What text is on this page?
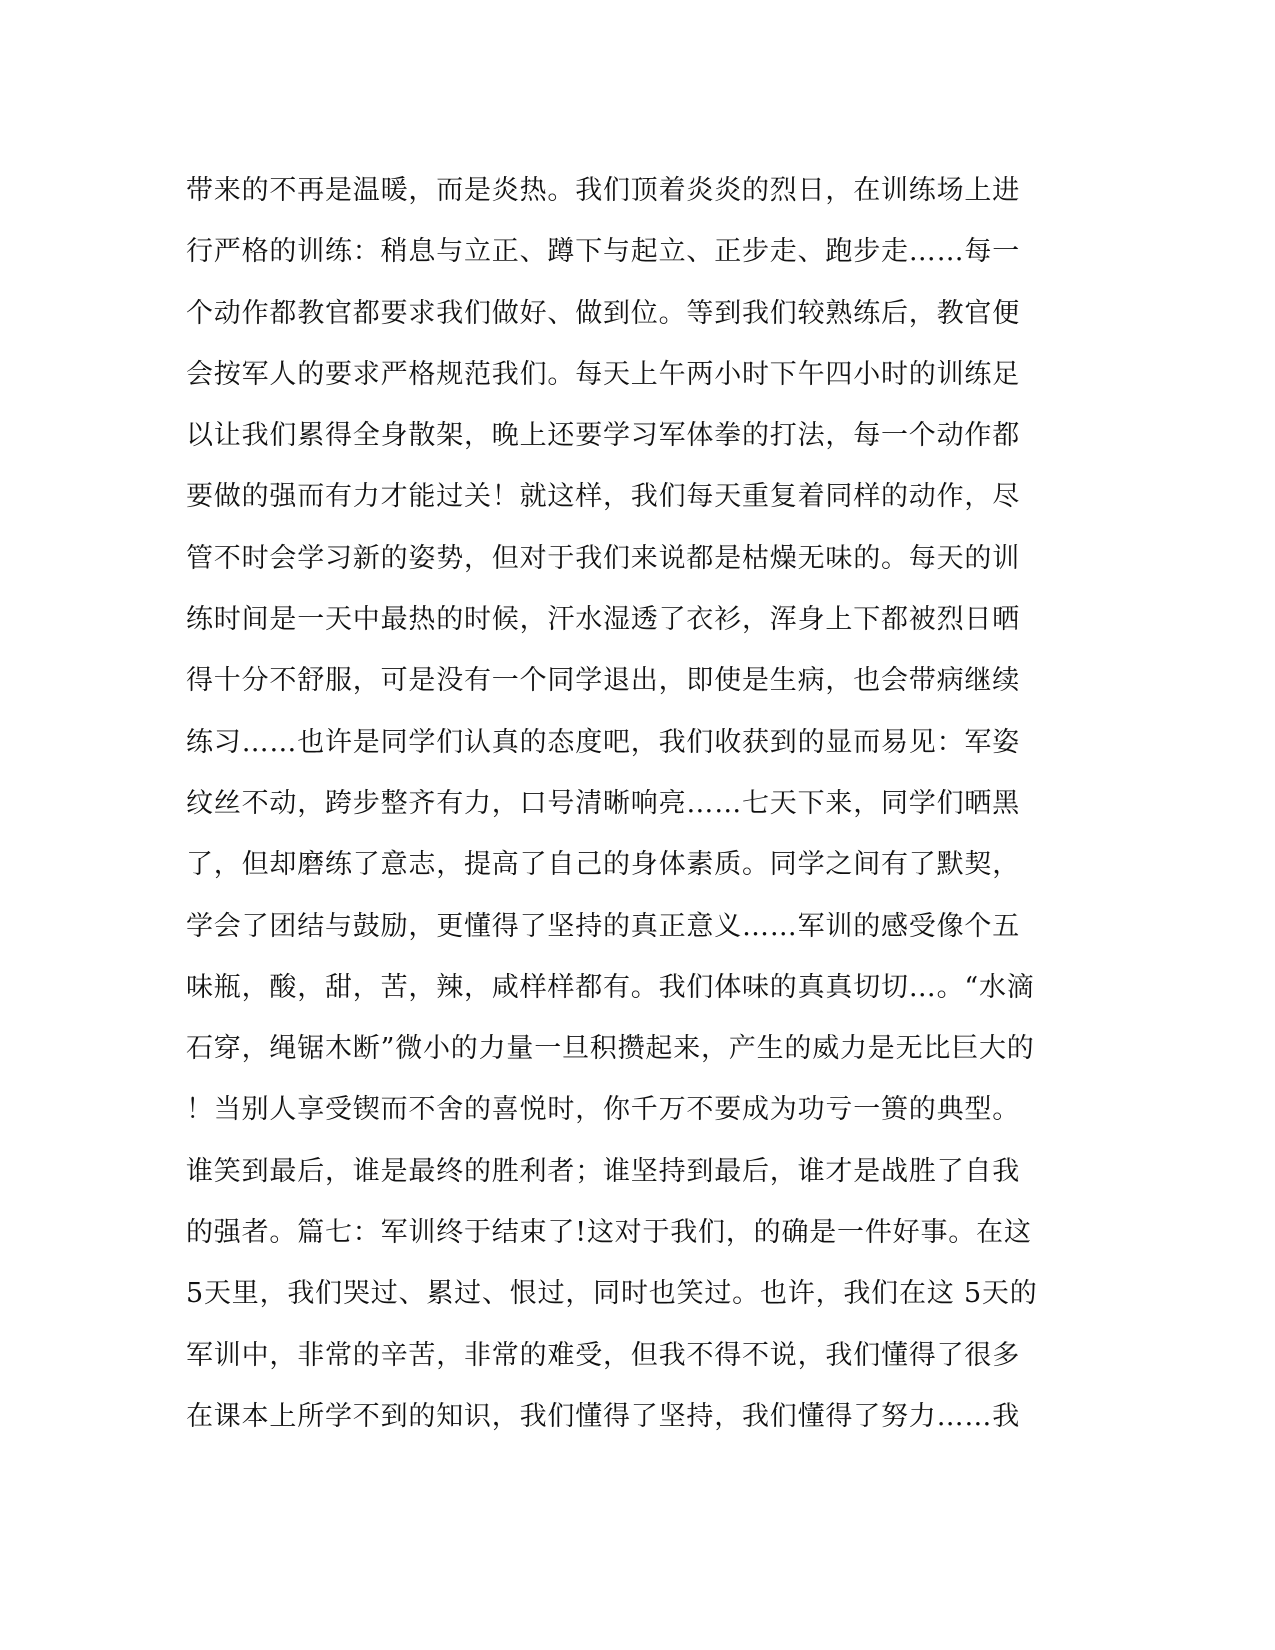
带来的不再是温暖，而是炎热。我们顶着炎炎的烈日，在训练场上进
行严格的训练：稍息与立正、蹲下与起立、正步走、跑步走……每一
个动作都教官都要求我们做好、做到位。等到我们较熟练后，教官便
会按军人的要求严格规范我们。每天上午两小时下午四小时的训练足
以让我们累得全身散架，晚上还要学习军体拳的打法，每一个动作都
要做的强而有力才能过关！就这样，我们每天重复着同样的动作，尽
管不时会学习新的姿势，但对于我们来说都是枯燥无味的。每天的训
练时间是一天中最热的时候，汗水湿透了衣衫，浑身上下都被烈日晒
得十分不舒服，可是没有一个同学退出，即使是生病，也会带病继续
练习……也许是同学们认真的态度吧，我们收获到的显而易见：军姿
纹丝不动，跨步整齐有力，口号清晰响亮……七天下来，同学们晒黑
了，但却磨练了意志，提高了自己的身体素质。同学之间有了默契，
学会了团结与鼓励，更懂得了坚持的真正意义……军训的感受像个五
味瓶，酸，甜，苦，辣，咸样样都有。我们体味的真真切切…。“水滴
石穿，绳锯木断”微小的力量一旦积攒起来，产生的威力是无比巨大的
！当别人享受锲而不舍的喜悦时，你千万不要成为功亏一篑的典型。
谁笑到最后，谁是最终的胜利者；谁坚持到最后，谁才是战胜了自我
的强者。篇七：军训终于结束了!这对于我们，的确是一件好事。在这
5天里，我们哭过、累过、恨过，同时也笑过。也许，我们在这 5天的
军训中，非常的辛苦，非常的难受，但我不得不说，我们懂得了很多
在课本上所学不到的知识，我们懂得了坚持，我们懂得了努力……我
